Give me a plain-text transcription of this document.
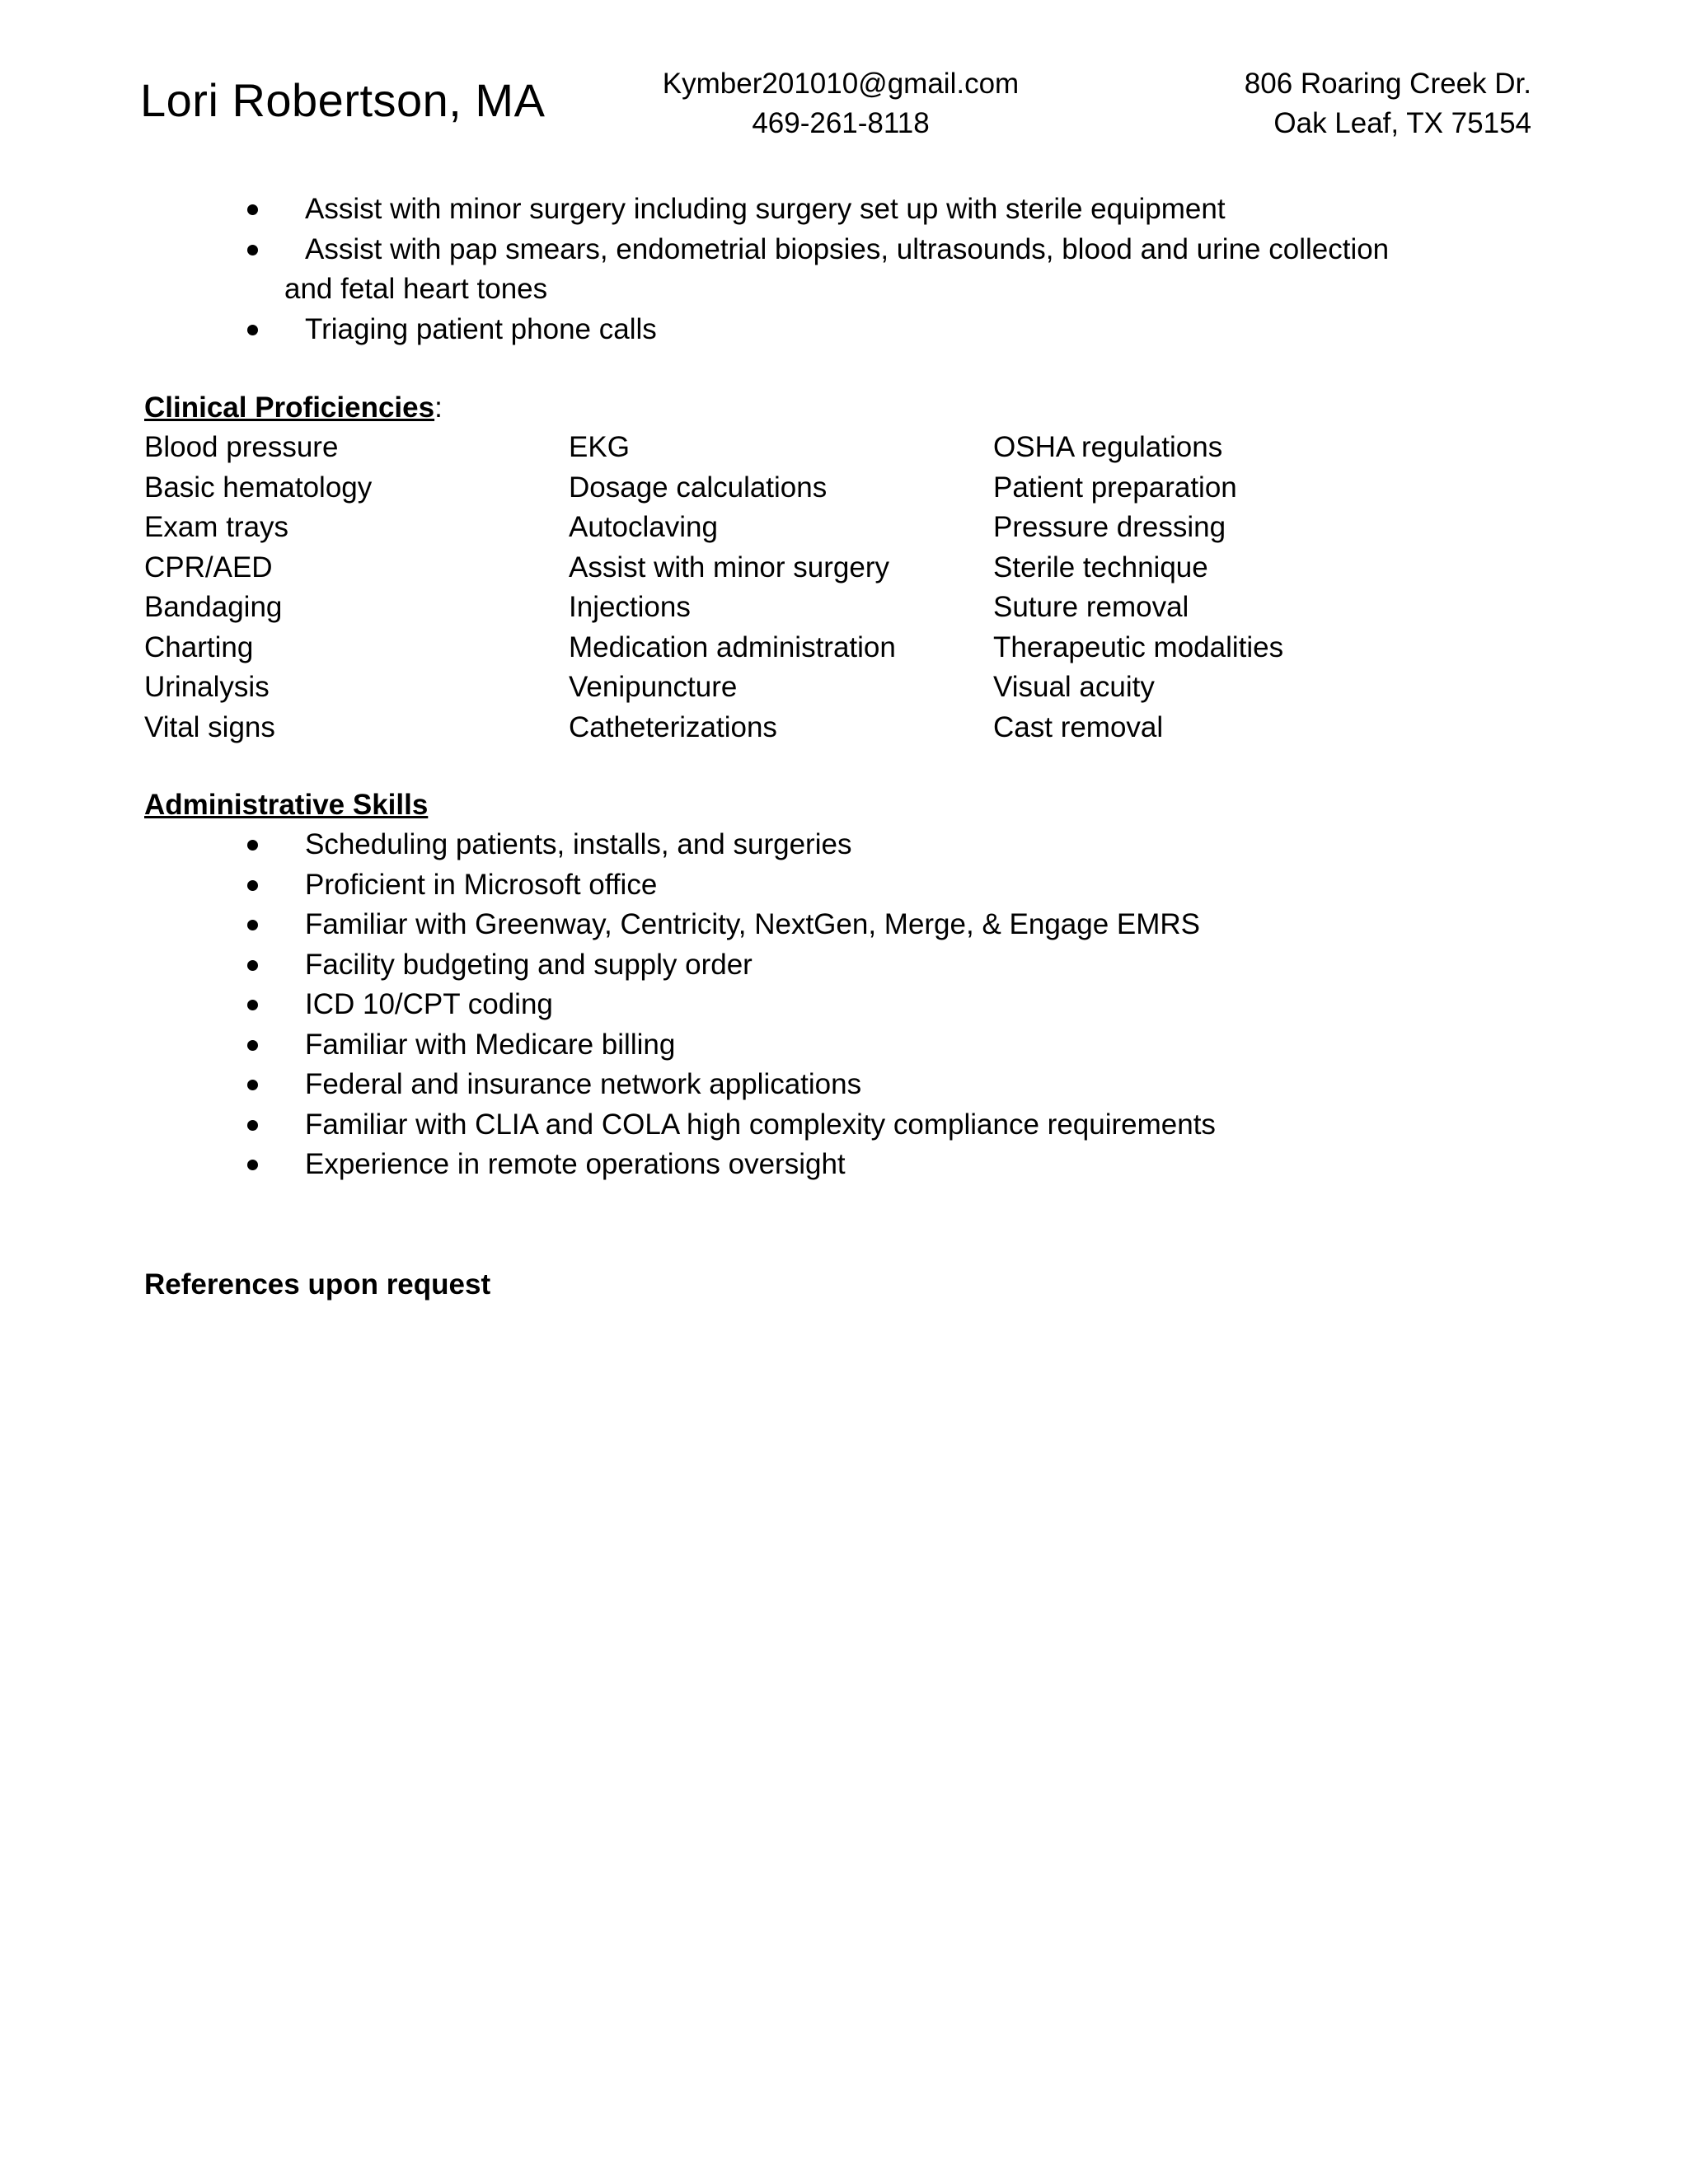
Lori Robertson, MA	Kymber201010@gmail.com
469-261-8118
806 Roaring Creek Dr.
Oak Leaf, TX 75154
Assist with minor surgery including surgery set up with sterile equipment
Assist with pap smears, endometrial biopsies, ultrasounds, blood and urine collection
and fetal heart tones
Triaging patient phone calls
Clinical Proficiencies:
Blood pressure
Basic hematology
Exam trays
CPR/AED
Bandaging
Charting
Urinalysis
Vital signs
EKG
Dosage calculations
Autoclaving
Assist with minor surgery
Injections
Medication administration
Venipuncture
Catheterizations
OSHA regulations
Patient preparation
Pressure dressing
Sterile technique
Suture removal
Therapeutic modalities
Visual acuity
Cast removal
Administrative Skills
Scheduling patients, installs, and surgeries
Proficient in Microsoft office
Familiar with Greenway, Centricity, NextGen, Merge, & Engage EMRS
Facility budgeting and supply order
ICD 10/CPT coding
Familiar with Medicare billing
Federal and insurance network applications
Familiar with CLIA and COLA high complexity compliance requirements
Experience in remote operations oversight
References upon request
